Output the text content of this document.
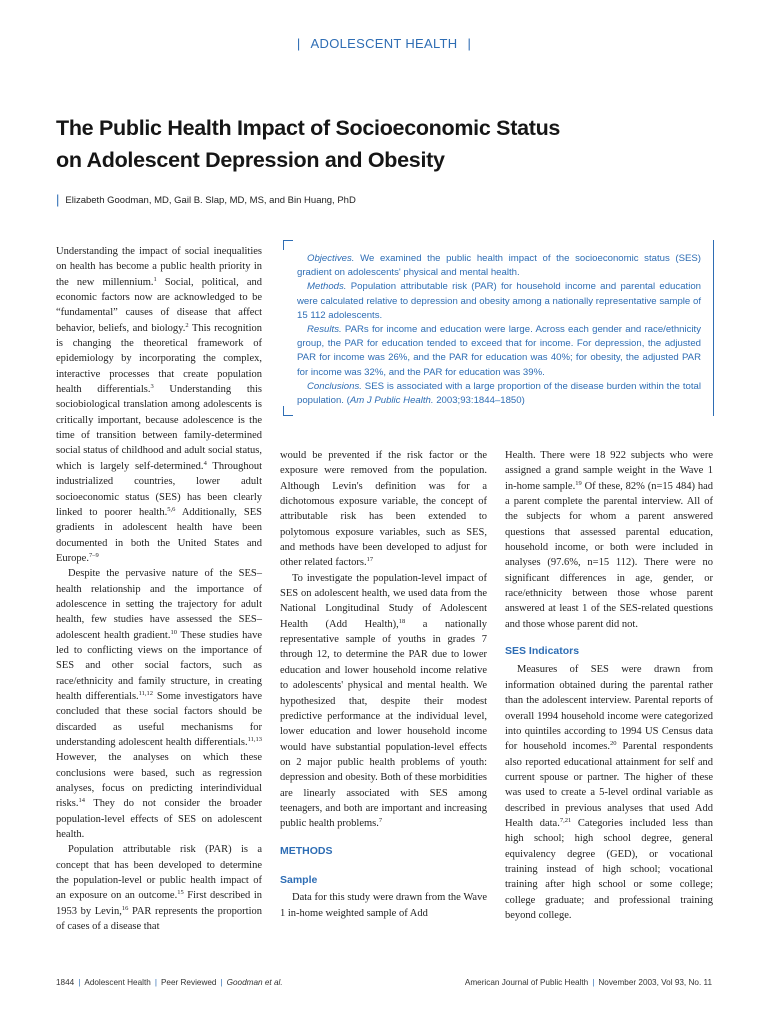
| ADOLESCENT HEALTH |
The Public Health Impact of Socioeconomic Status
on Adolescent Depression and Obesity
| Elizabeth Goodman, MD, Gail B. Slap, MD, MS, and Bin Huang, PhD

Objectives. We examined the public health impact of the socioeconomic status (SES) gradient on adolescents' physical and mental health.

Methods. Population attributable risk (PAR) for household income and parental education were calculated relative to depression and obesity among a nationally representative sample of 15 112 adolescents.

Results. PARs for income and education were large. Across each gender and race/ethnicity group, the PAR for education tended to exceed that for income. For depression, the adjusted PAR for income was 26%, and the PAR for education was 40%; for obesity, the adjusted PAR for income was 32%, and the PAR for education was 39%.

Conclusions. SES is associated with a large proportion of the disease burden within the total population. (Am J Public Health. 2003;93:1844–1850)

Understanding the impact of social inequalities on health has become a public health priority in the new millennium.$^1$ Social, political, and economic factors now are acknowledged to be “fundamental” causes of disease that affect behavior, beliefs, and biology.$^2$ This recognition is changing the theoretical framework of epidemiology by incorporating the complex, interactive processes that create population health differentials.$^3$ Understanding this sociobiological translation among adolescents is critically important, because adolescence is the time of transition between family-determined social status of childhood and adult social status, which is largely self-determined.$^4$ Throughout industrialized countries, lower adult socioeconomic status (SES) has been clearly linked to poorer health.$^{5,6}$ Additionally, SES gradients in adolescent health have been documented in both the United States and Europe.$^{7-9}$

Despite the pervasive nature of the SES–health relationship and the importance of adolescence in setting the trajectory for adult health, few studies have assessed the SES–adolescent health gradient.$^{10}$ These studies have led to conflicting views on the importance of SES and other social factors, such as race/ethnicity and family structure, in creating health differentials.$^{11,12}$ Some investigators have concluded that these social factors should be discarded as useful mechanisms for understanding adolescent health differentials.$^{11,13}$ However, the analyses on which these conclusions were based, such as regression analyses, focus on predicting interindividual risks.$^{14}$ They do not consider the broader population-level effects of SES on adolescent health.

Population attributable risk (PAR) is a concept that has been developed to determine the population-level or public health impact of an exposure on an outcome.$^{15}$ First described in 1953 by Levin,$^{16}$ PAR represents the proportion of cases of a disease that

would be prevented if the risk factor or the exposure were removed from the population. Although Levin's definition was for a dichotomous exposure variable, the concept of attributable risk has been extended to polytomous exposure variables, such as SES, and methods have been developed to adjust for other related factors.$^{17}$

To investigate the population-level impact of SES on adolescent health, we used data from the National Longitudinal Study of Adolescent Health (Add Health),$^{18}$ a nationally representative sample of youths in grades 7 through 12, to determine the PAR due to lower education and lower household income relative to adolescents' physical and mental health. We hypothesized that, despite their modest predictive performance at the individual level, lower education and lower household income would have substantial population-level effects on 2 major public health problems of youth: depression and obesity. Both of these morbidities are linearly associated with SES among teenagers, and both are important and increasing public health problems.$^7$

METHODS
Sample

Data for this study were drawn from the Wave 1 in-home weighted sample of Add

Health. There were 18 922 subjects who were assigned a grand sample weight in the Wave 1 in-home sample.$^{19}$ Of these, 82% (n=15 484) had a parent complete the parental interview. All of the subjects for whom a parent answered questions that assessed parental education, household income, or both were included in analyses (97.6%, n=15 112). There were no significant differences in age, gender, or race/ethnicity between those whose parent answered at least 1 of the SES-related questions and those whose parent did not.

SES Indicators

Measures of SES were drawn from information obtained during the parental rather than the adolescent interview. Parental reports of overall 1994 household income were categorized into quintiles according to 1994 US Census data for household incomes.$^{20}$ Parental respondents also reported educational attainment for self and current spouse or partner. The higher of these was used to create a 5-level ordinal variable as described in previous analyses that used Add Health data.$^{7,21}$ Categories included less than high school; high school degree, general equivalency degree (GED), or vocational training instead of high school; vocational training after high school or some college; college graduate; and professional training beyond college.

1844 | Adolescent Health | Peer Reviewed | Goodman et al.	American Journal of Public Health | November 2003, Vol 93, No. 11
